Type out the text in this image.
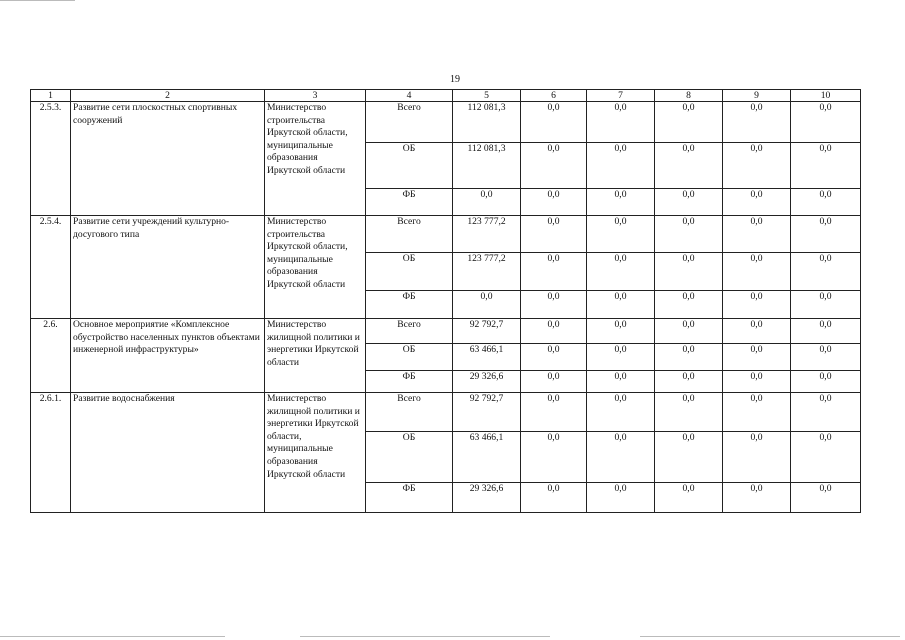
19
1	2	3	4	5	6	7	8	9	10
2.5.3.	Развитие сети плоскостных спортивных сооружений	Министерство строительства Иркутской области, муниципальные образования Иркутской области	Всего	112 081,3	0,0	0,0	0,0	0,0	0,0
			ОБ	112 081,3	0,0	0,0	0,0	0,0	0,0
			ФБ	0,0	0,0	0,0	0,0	0,0	0,0
2.5.4.	Развитие сети учреждений культурно-досугового типа	Министерство строительства Иркутской области, муниципальные образования Иркутской области	Всего	123 777,2	0,0	0,0	0,0	0,0	0,0
			ОБ	123 777,2	0,0	0,0	0,0	0,0	0,0
			ФБ	0,0	0,0	0,0	0,0	0,0	0,0
2.6.	Основное мероприятие «Комплексное обустройство населенных пунктов объектами инженерной инфраструктуры»	Министерство жилищной политики и энергетики Иркутской области	Всего	92 792,7	0,0	0,0	0,0	0,0	0,0
			ОБ	63 466,1	0,0	0,0	0,0	0,0	0,0
			ФБ	29 326,6	0,0	0,0	0,0	0,0	0,0
2.6.1.	Развитие водоснабжения	Министерство жилищной политики и энергетики Иркутской области, муниципальные образования Иркутской области	Всего	92 792,7	0,0	0,0	0,0	0,0	0,0
			ОБ	63 466,1	0,0	0,0	0,0	0,0	0,0
			ФБ	29 326,6	0,0	0,0	0,0	0,0	0,0
